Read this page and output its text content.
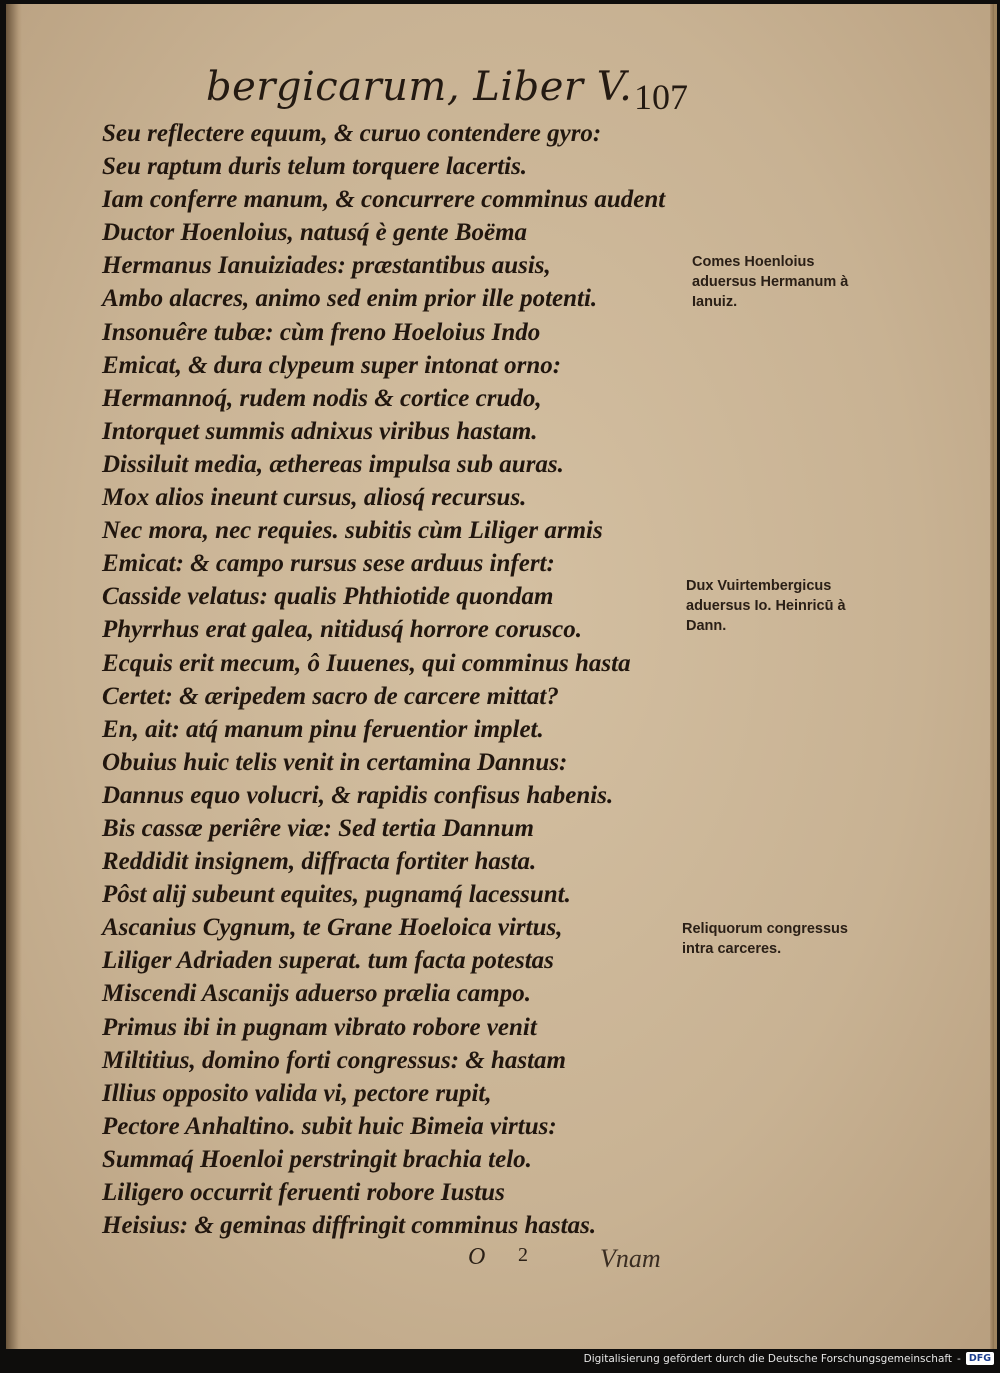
bergicarum, Liber V. 107
Seu reflectere equum, & curuo contendere gyro:
Seu raptum duris telum torquere lacertis.
Iam conferre manum, & concurrere comminus audent
Ductor Hoenloius, natusq́ è gente Boëma
Hermanus Ianuiziades: præstantibus ausis,
Ambo alacres, animo sed enim prior ille potenti.
Insonuêre tubæ: cùm freno Hoeloius Indo
Emicat, & dura clypeum super intonat orno:
Hermannoq́, rudem nodis & cortice crudo,
Intorquet summis adnixus viribus hastam.
Dissiluit media, æthereas impulsa sub auras.
Mox alios ineunt cursus, aliosq́ recursus.
Nec mora, nec requies. subitis cùm Liliger armis
Emicat: & campo rursus sese arduus infert:
Casside velatus: qualis Phthiotide quondam
Phyrrhus erat galea, nitidusq́ horrore corusco.
Ecquis erit mecum, ô Iuuenes, qui comminus hasta
Certet: & æripedem sacro de carcere mittat?
En, ait: atq́ manum pinu feruentior implet.
Obuius huic telis venit in certamina Dannus:
Dannus equo volucri, & rapidis confisus habenis.
Bis cassæ periêre viæ: Sed tertia Dannum
Reddidit insignem, diffracta fortiter hasta.
Pôst alij subeunt equites, pugnamq́ lacessunt.
Ascanius Cygnum, te Grane Hoeloica virtus,
Liliger Adriaden superat. tum facta potestas
Miscendi Ascanijs aduerso prælia campo.
Primus ibi in pugnam vibrato robore venit
Miltitius, domino forti congressus: & hastam
Illius opposito valida vi, pectore rupit,
Pectore Anhaltino. subit huic Bimeia virtus:
Summaq́ Hoenloi perstringit brachia telo.
Liligero occurrit feruenti robore Iustus
Heisius: & geminas diffringit comminus hastas.
Comes Hoenloius aduersus Hermanum à Ianuiz.
Dux Vuirtembergicus aduersus Io. Heinricū à Dann.
Reliquorum congressus intra carceres.
O 2	Vnam
Digitalisierung gefördert durch die Deutsche Forschungsgemeinschaft - DFG
